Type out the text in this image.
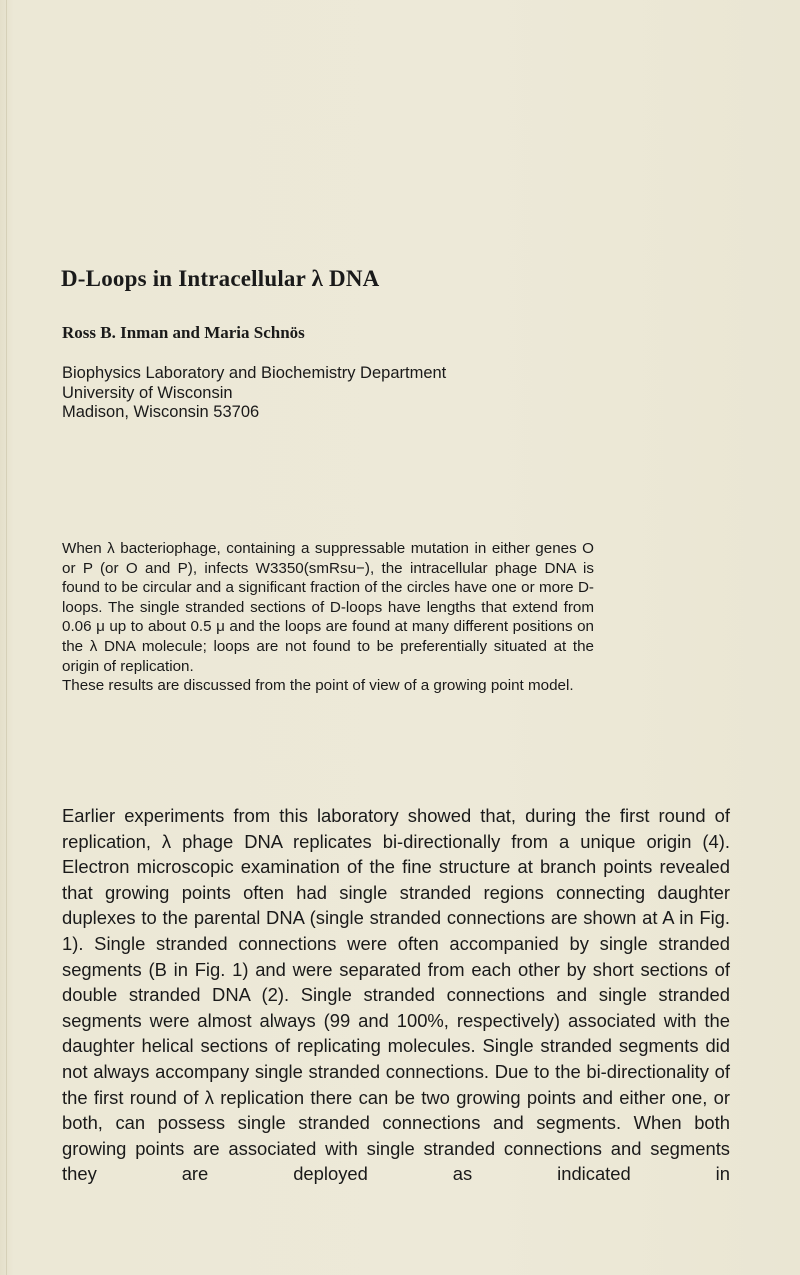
D-Loops in Intracellular λ DNA
Ross B. Inman and Maria Schnös
Biophysics Laboratory and Biochemistry Department
University of Wisconsin
Madison, Wisconsin 53706

When λ bacteriophage, containing a suppressable mutation in either genes O or P (or O and P), infects W3350(smRsu−), the intracellular phage DNA is found to be circular and a significant fraction of the circles have one or more D-loops. The single stranded sections of D-loops have lengths that extend from 0.06 μ up to about 0.5 μ and the loops are found at many different positions on the λ DNA molecule; loops are not found to be preferentially situated at the origin of replication.

These results are discussed from the point of view of a growing point model.

Earlier experiments from this laboratory showed that, during the first round of replication, λ phage DNA replicates bi-directionally from a unique origin (4). Electron microscopic examination of the fine structure at branch points revealed that growing points often had single stranded regions connecting daughter duplexes to the parental DNA (single stranded connections are shown at A in Fig. 1). Single stranded connections were often accompanied by single stranded segments (B in Fig. 1) and were separated from each other by short sections of double stranded DNA (2). Single stranded connections and single stranded segments were almost always (99 and 100%, respectively) associated with the daughter helical sections of replicating molecules. Single stranded segments did not always accompany single stranded connections. Due to the bi-directionality of the first round of λ replication there can be two growing points and either one, or both, can possess single stranded connections and segments. When both growing points are associated with single stranded connections and segments they are deployed as indicated in
